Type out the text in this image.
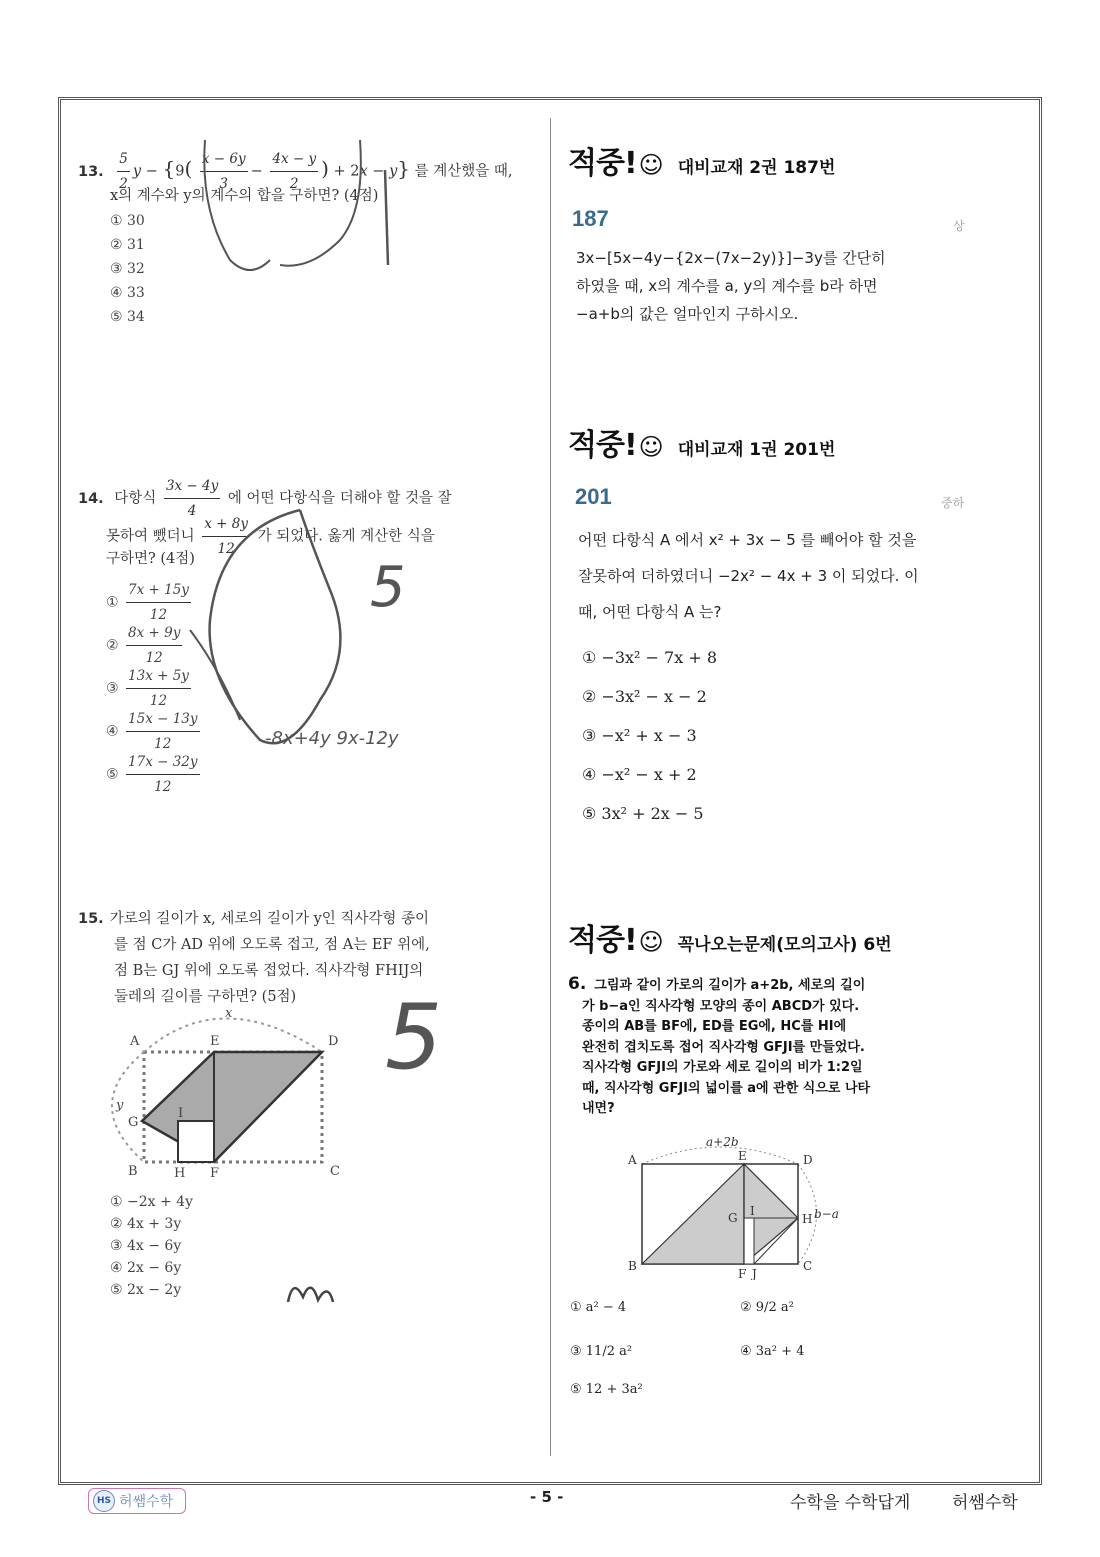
13. $\frac{5}{2}$ $y - \{9( \frac{x - 6y}{3} - \frac{4x - y}{2}$ ) + 2x − y} 를 계산했을 때,
x의 계수와 y의 계수의 합을 구하면? (4점)
① 30
② 31
③ 32
④ 33
⑤ 34
14. 다항식 $\frac{3x - 4y}{4}$ 에 어떤 다항식을 더해야 할 것을 잘
못하여 뺐더니 $\frac{x + 8y}{12}$ 가 되었다. 옳게 계산한 식을
구하면? (4점)
① $\frac{7x + 15y}{12}$
② $\frac{8x + 9y}{12}$
③ $\frac{13x + 5y}{12}$
④ $\frac{15x - 13y}{12}$
⑤ $\frac{17x - 32y}{12}$
5
-8x+4y 9x-12y
15. 가로의 길이가 x, 세로의 길이가 y인 직사각형 종이
를 점 C가 AD 위에 오도록 접고, 점 A는 EF 위에,
점 B는 GJ 위에 오도록 접었다. 직사각형 FHIJ의
둘레의 길이를 구하면? (5점)
A	E	D
G
I
B	H F	C
x
y
① −2x + 4y
② 4x + 3y
③ 4x − 6y
④ 2x − 6y
⑤ 2x − 2y
5
적중!☺ 대비교재 2권 187번
187	상
3x−[5x−4y−{2x−(7x−2y)}]−3y를 간단히
하였을 때, x의 계수를 a, y의 계수를 b라 하면
−a+b의 값은 얼마인지 구하시오.
적중!☺ 대비교재 1권 201번
201	중하
어떤 다항식 A 에서 x² + 3x − 5 를 빼어야 할 것을
잘못하여 더하였더니 −2x² − 4x + 3 이 되었다. 이
때, 어떤 다항식 A 는?
① −3x² − 7x + 8
② −3x² − x − 2
③ −x² + x − 3
④ −x² − x + 2
⑤ 3x² + 2x − 5
적중!☺ 꼭나오는문제(모의고사) 6번
6. 그림과 같이 가로의 길이가 a+2b, 세로의 길이
가 b−a인 직사각형 모양의 종이 ABCD가 있다.
종이의 AB를 BF에, ED를 EG에, HC를 HI에
완전히 겹치도록 접어 직사각형 GFJI를 만들었다.
직사각형 GFJI의 가로와 세로 길이의 비가 1:2일
때, 직사각형 GFJI의 넓이를 a에 관한 식으로 나타
내면?
a+2b
b−a
A	E	D
G I
H
B
F J
C
① a² − 4	② 9/2 a²
③ 11/2 a²	④ 3a² + 4
⑤ 12 + 3a²
HS 허쌤수학	- 5 -	수학을 수학답게 허쌤수학
